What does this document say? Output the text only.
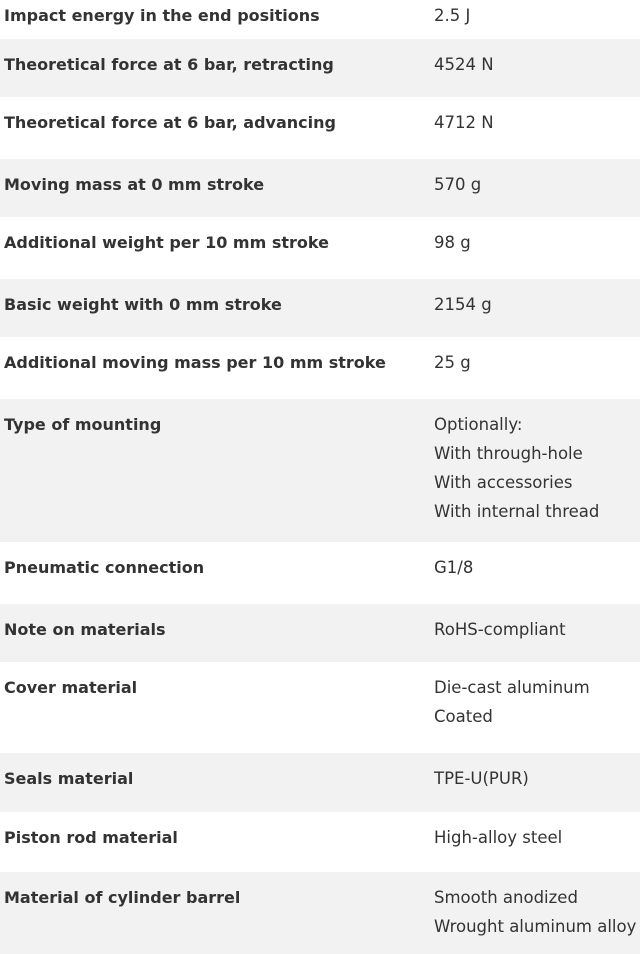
Impact energy in the end positions	2.5 J
Theoretical force at 6 bar, retracting	4524 N
Theoretical force at 6 bar, advancing	4712 N
Moving mass at 0 mm stroke	570 g
Additional weight per 10 mm stroke	98 g
Basic weight with 0 mm stroke	2154 g
Additional moving mass per 10 mm stroke	25 g
Type of mounting	Optionally:
With through-hole
With accessories
With internal thread
Pneumatic connection	G1/8
Note on materials	RoHS-compliant
Cover material	Die-cast aluminum
Coated
Seals material	TPE-U(PUR)
Piston rod material	High-alloy steel
Material of cylinder barrel	Smooth anodized
Wrought aluminum alloy
